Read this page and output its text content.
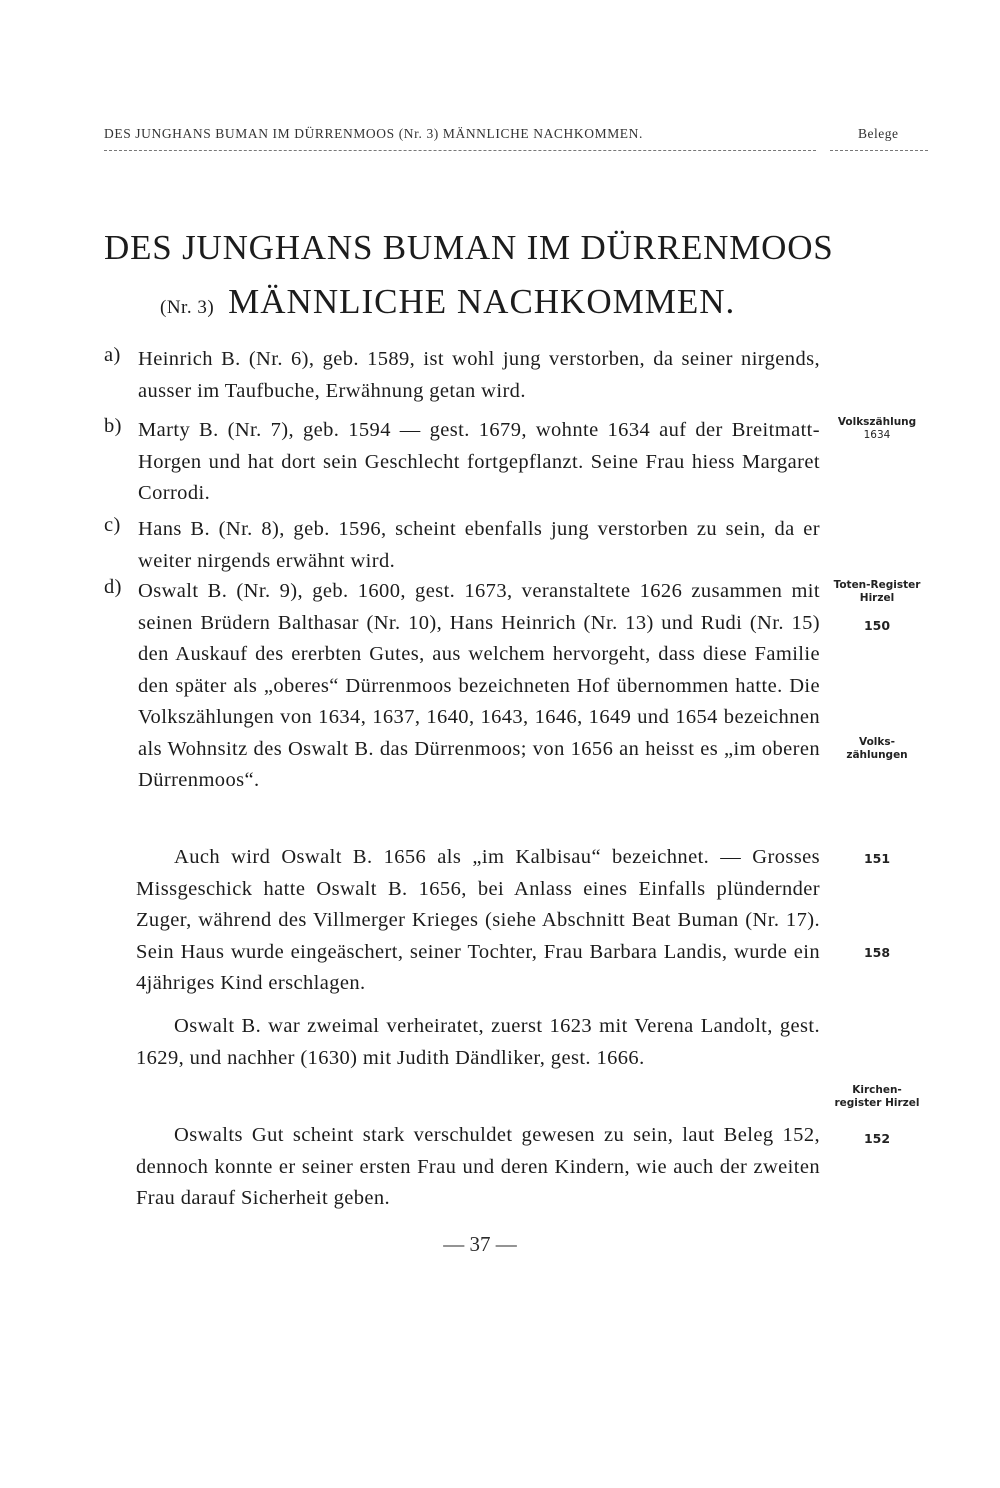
DES JUNGHANS BUMAN IM DÜRRENMOOS (Nr. 3) MÄNNLICHE NACHKOMMEN.	Belege
DES JUNGHANS BUMAN IM DÜRRENMOOS
(Nr. 3) MÄNNLICHE NACHKOMMEN.
a) Heinrich B. (Nr. 6), geb. 1589, ist wohl jung verstorben, da seiner nirgends, ausser im Taufbuche, Erwähnung getan wird.
b) Marty B. (Nr. 7), geb. 1594 — gest. 1679, wohnte 1634 auf der Breitmatt-Horgen und hat dort sein Geschlecht fortgepflanzt. Seine Frau hiess Margaret Corrodi.
c) Hans B. (Nr. 8), geb. 1596, scheint ebenfalls jung verstorben zu sein, da er weiter nirgends erwähnt wird.
d) Oswalt B. (Nr. 9), geb. 1600, gest. 1673, veranstaltete 1626 zusammen mit seinen Brüdern Balthasar (Nr. 10), Hans Heinrich (Nr. 13) und Rudi (Nr. 15) den Auskauf des ererbten Gutes, aus welchem hervorgeht, dass diese Familie den später als „oberes“ Dürrenmoos bezeichneten Hof übernommen hatte. Die Volkszählungen von 1634, 1637, 1640, 1643, 1646, 1649 und 1654 bezeichnen als Wohnsitz des Oswalt B. das Dürrenmoos; von 1656 an heisst es „im oberen Dürrenmoos“.
Auch wird Oswalt B. 1656 als „im Kalbisau“ bezeichnet. — Grosses Missgeschick hatte Oswalt B. 1656, bei Anlass eines Einfalls plündernder Zuger, während des Villmerger Krieges (siehe Abschnitt Beat Buman (Nr. 17). Sein Haus wurde eingeäschert, seiner Tochter, Frau Barbara Landis, wurde ein 4jähriges Kind erschlagen.
Oswalt B. war zweimal verheiratet, zuerst 1623 mit Verena Landolt, gest. 1629, und nachher (1630) mit Judith Dändliker, gest. 1666.
Oswalts Gut scheint stark verschuldet gewesen zu sein, laut Beleg 152, dennoch konnte er seiner ersten Frau und deren Kindern, wie auch der zweiten Frau darauf Sicherheit geben.
Volkszählung
1634
Toten-Register
Hirzel
150
Volks-
zählungen
151
158
Kirchen-
register Hirzel
152
— 37 —
